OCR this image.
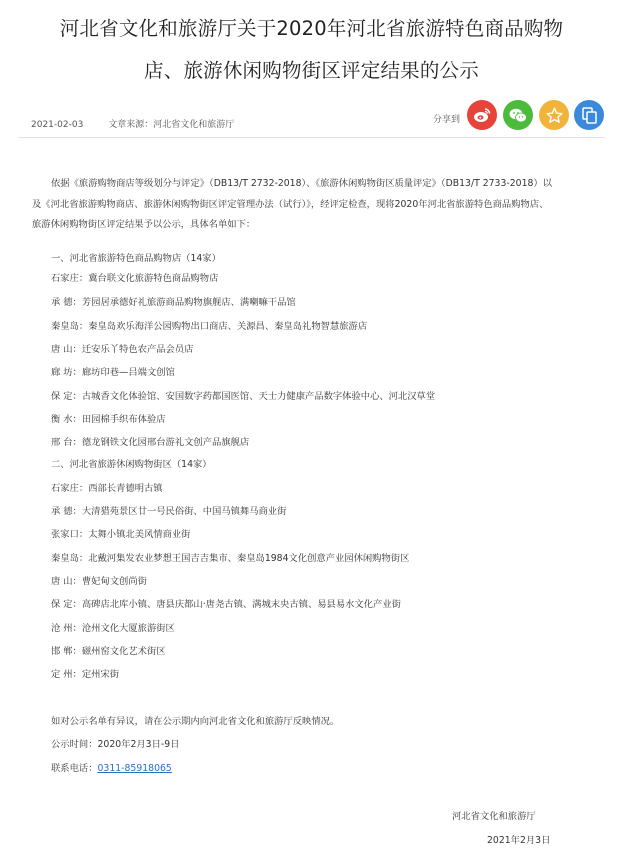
河北省文化和旅游厅关于2020年河北省旅游特色商品购物
店、旅游休闲购物街区评定结果的公示
2021-02-03	文章来源：河北省文化和旅游厅	分享到
依据《旅游购物商店等级划分与评定》（DB13/T 2732-2018）、《旅游休闲购物街区质量评定》（DB13/T 2733-2018）以及《河北省旅游购物商店、旅游休闲购物街区评定管理办法（试行）》，经评定检查，现将2020年河北省旅游特色商品购物店、旅游休闲购物街区评定结果予以公示，具体名单如下：
一、河北省旅游特色商品购物店（14家）
石家庄：冀台联文化旅游特色商品购物店
承 德：芳园居承德好礼旅游商品购物旗舰店、满喇嘛干品馆
秦皇岛：秦皇岛欢乐海洋公园购物出口商店、关源昌、秦皇岛礼物智慧旅游店
唐 山：迁安乐丫特色农产品会员店
廊 坊：廊坊印巷—吕端文创馆
保 定：古城香文化体验馆、安国数字药都国医馆、天士力健康产品数字体验中心、河北汉草堂
衡 水：田园棉手织布体验店
邢 台：德龙钢铁文化园邢台游礼文创产品旗舰店
二、河北省旅游休闲购物街区（14家）
石家庄：西部长青德明古镇
承 德：大清猎苑景区廿一号民俗街、中国马镇舞马商业街
张家口：太舞小镇北美风情商业街
秦皇岛：北戴河集发农业梦想王国吉吉集市、秦皇岛1984文化创意产业园休闲购物街区
唐 山：曹妃甸文创尚街
保 定：高碑店北库小镇、唐县庆都山·唐尧古镇、满城末央古镇、易县易水文化产业街
沧 州：沧州文化大厦旅游街区
邯 郸：磁州窑文化艺术街区
定 州：定州宋街
如对公示名单有异议，请在公示期内向河北省文化和旅游厅反映情况。
公示时间：2020年2月3日-9日
联系电话：0311-85918065
河北省文化和旅游厅
2021年2月3日
